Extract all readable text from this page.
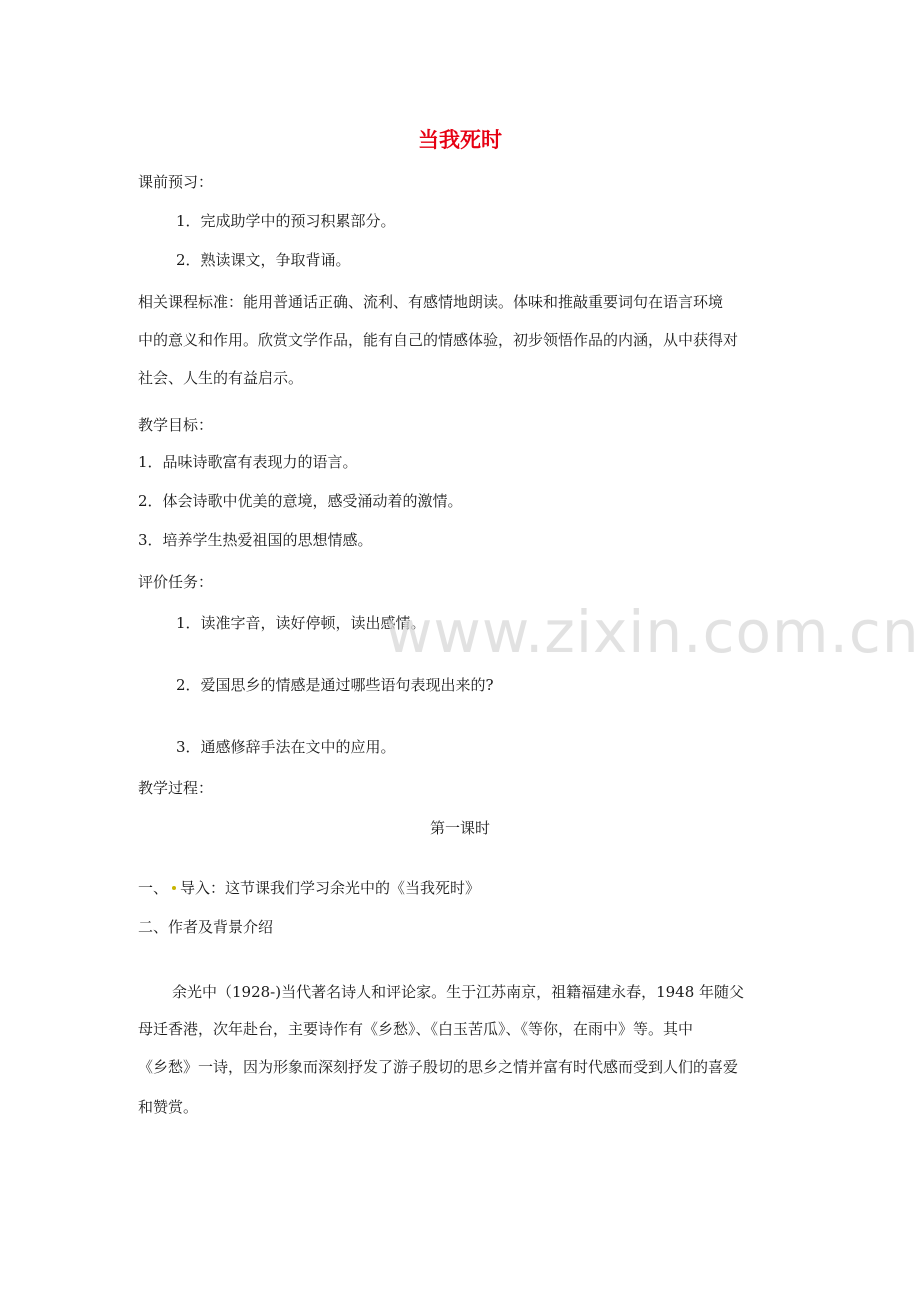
当我死时
课前预习：
1．完成助学中的预习积累部分。
2．熟读课文，争取背诵。
相关课程标准：能用普通话正确、流利、有感情地朗读。体味和推敲重要词句在语言环境
中的意义和作用。欣赏文学作品，能有自己的情感体验，初步领悟作品的内涵，从中获得对
社会、人生的有益启示。
教学目标：
1．品味诗歌富有表现力的语言。
2．体会诗歌中优美的意境，感受涌动着的激情。
3．培养学生热爱祖国的思想情感。
评价任务：
1．读准字音，读好停顿，读出感情。
2．爱国思乡的情感是通过哪些语句表现出来的?
3．通感修辞手法在文中的应用。
教学过程：
第一课时
一、 导入：这节课我们学习余光中的《当我死时》
二、作者及背景介绍
余光中（1928-)当代著名诗人和评论家。生于江苏南京，祖籍福建永春，1948 年随父
母迁香港，次年赴台，主要诗作有《乡愁》、《白玉苦瓜》、《等你，在雨中》等。其中
《乡愁》一诗，因为形象而深刻抒发了游子殷切的思乡之情并富有时代感而受到人们的喜爱
和赞赏。
www.zixin.com.cn
